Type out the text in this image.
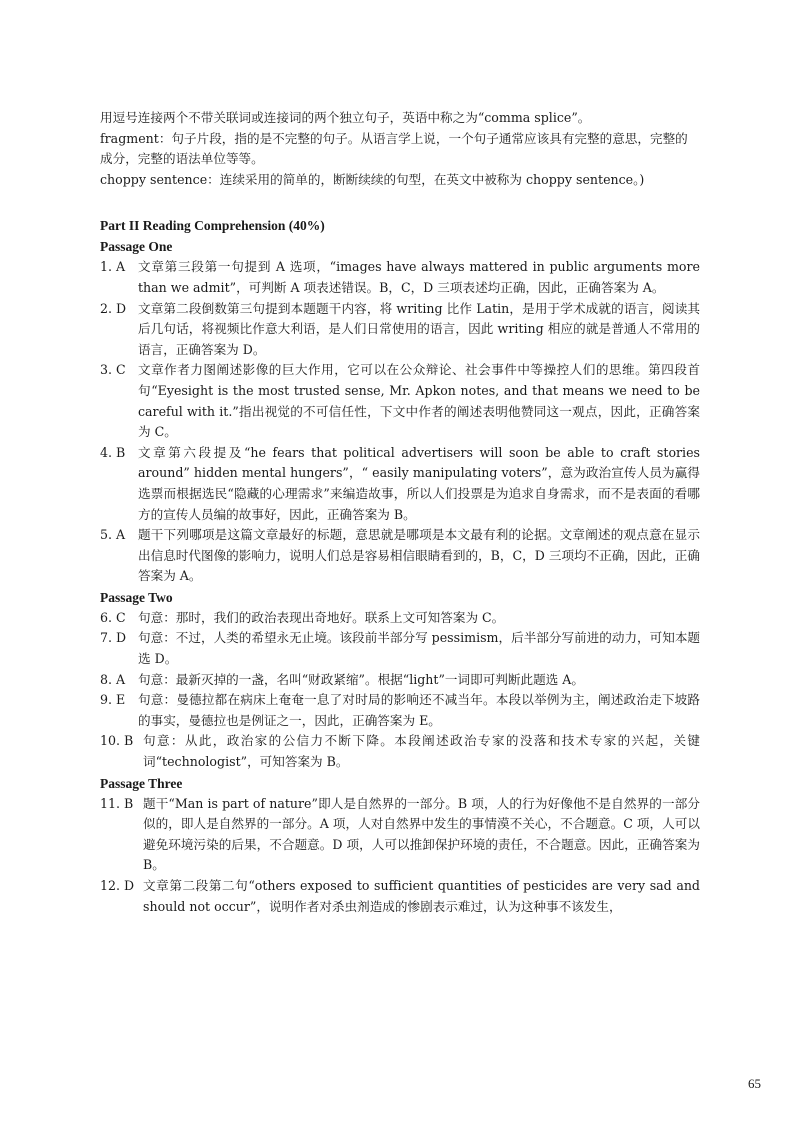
用逗号连接两个不带关联词或连接词的两个独立句子，英语中称之为“comma splice”。

fragment：句子片段，指的是不完整的句子。从语言学上说，一个句子通常应该具有完整的意思，完整的成分，完整的语法单位等等。

choppy sentence：连续采用的简单的，断断续续的句型，在英文中被称为 choppy sentence。)

Part II Reading Comprehension (40%)
Passage One
1. A	文章第三段第一句提到 A 选项，“images have always mattered in public arguments more than we admit”，可判断 A 项表述错误。B，C，D 三项表述均正确，因此，正确答案为 A。
2. D 文章第二段倒数第三句提到本题题干内容，将 writing 比作 Latin，是用于学术成就的语言，阅读其后几句话，将视频比作意大利语，是人们日常使用的语言，因此 writing 相应的就是普通人不常用的语言，正确答案为 D。
3. C 文章作者力图阐述影像的巨大作用，它可以在公众辩论、社会事件中等操控人们的思维。第四段首句“Eyesight is the most trusted sense, Mr. Apkon notes, and that means we need to be careful with it.”指出视觉的不可信任性，下文中作者的阐述表明他赞同这一观点，因此，正确答案为 C。
4. B	文章第六段提及“he fears that political advertisers will soon be able to craft stories around” hidden mental hungers”，“ easily manipulating voters”，意为政治宣传人员为赢得选票而根据选民“隐藏的心理需求”来编造故事，所以人们投票是为追求自身需求，而不是表面的看哪方的宣传人员编的故事好，因此，正确答案为 B。
5. A	题干下列哪项是这篇文章最好的标题，意思就是哪项是本文最有利的论据。文章阐述的观点意在显示出信息时代图像的影响力，说明人们总是容易相信眼睛看到的，B，C，D 三项均不正确，因此，正确答案为 A。
Passage Two
6. C 句意：那时，我们的政治表现出奇地好。联系上文可知答案为 C。
7. D 句意：不过，人类的希望永无止境。该段前半部分写 pessimism，后半部分写前进的动力，可知本题选 D。
8. A	句意：最新灭掉的一盏，名叫“财政紧缩”。根据“light”一词即可判断此题选 A。
9. E	句意：曼德拉都在病床上奄奄一息了对时局的影响还不减当年。本段以举例为主，阐述政治走下坡路的事实，曼德拉也是例证之一，因此，正确答案为 E。
10. B 句意：从此，政治家的公信力不断下降。本段阐述政治专家的没落和技术专家的兴起，关键词“technologist”，可知答案为 B。
Passage Three
11. B 题干“Man is part of nature”即人是自然界的一部分。B 项，人的行为好像他不是自然界的一部分似的，即人是自然界的一部分。A 项，人对自然界中发生的事情漠不关心，不合题意。C 项，人可以避免环境污染的后果，不合题意。D 项，人可以推卸保护环境的责任，不合题意。因此，正确答案为 B。
12. D 文章第二段第二句“others exposed to sufficient quantities of pesticides are very sad and should not occur”，说明作者对杀虫剂造成的惨剧表示难过，认为这种事不该发生，
65
